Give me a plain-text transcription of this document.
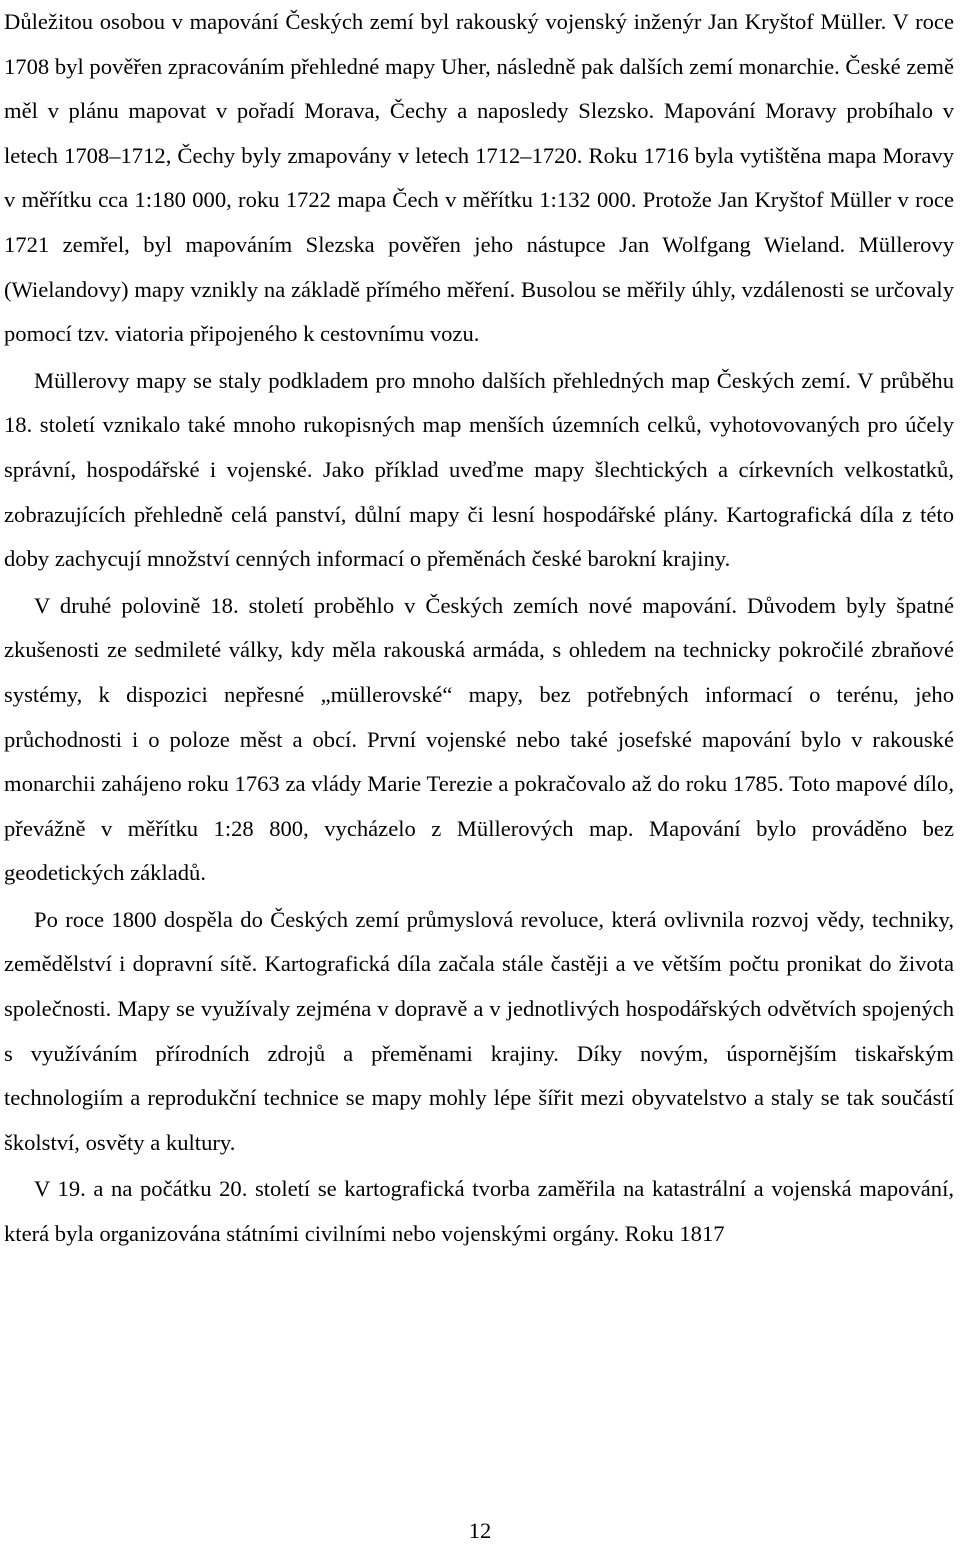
Důležitou osobou v mapování Českých zemí byl rakouský vojenský inženýr Jan Kryštof Müller. V roce 1708 byl pověřen zpracováním přehledné mapy Uher, následně pak dalších zemí monarchie. České země měl v plánu mapovat v pořadí Morava, Čechy a naposledy Slezsko. Mapování Moravy probíhalo v letech 1708–1712, Čechy byly zmapovány v letech 1712–1720. Roku 1716 byla vytištěna mapa Moravy v měřítku cca 1:180 000, roku 1722 mapa Čech v měřítku 1:132 000. Protože Jan Kryštof Müller v roce 1721 zemřel, byl mapováním Slezska pověřen jeho nástupce Jan Wolfgang Wieland. Müllerovy (Wielandovy) mapy vznikly na základě přímého měření. Busolou se měřily úhly, vzdálenosti se určovaly pomocí tzv. viatoria připojeného k cestovnímu vozu.

Müllerovy mapy se staly podkladem pro mnoho dalších přehledných map Českých zemí. V průběhu 18. století vznikalo také mnoho rukopisných map menších územních celků, vyhotovovaných pro účely správní, hospodářské i vojenské. Jako příklad uveďme mapy šlechtických a církevních velkostatků, zobrazujících přehledně celá panství, důlní mapy či lesní hospodářské plány. Kartografická díla z této doby zachycují množství cenných informací o přeměnách české barokní krajiny.

V druhé polovině 18. století proběhlo v Českých zemích nové mapování. Důvodem byly špatné zkušenosti ze sedmileté války, kdy měla rakouská armáda, s ohledem na technicky pokročilé zbraňové systémy, k dispozici nepřesné „müllerovské“ mapy, bez potřebných informací o terénu, jeho průchodnosti i o poloze měst a obcí. První vojenské nebo také josefské mapování bylo v rakouské monarchii zahájeno roku 1763 za vlády Marie Terezie a pokračovalo až do roku 1785. Toto mapové dílo, převážně v měřítku 1:28 800, vycházelo z Müllerových map. Mapování bylo prováděno bez geodetických základů.

Po roce 1800 dospěla do Českých zemí průmyslová revoluce, která ovlivnila rozvoj vědy, techniky, zemědělství i dopravní sítě. Kartografická díla začala stále častěji a ve větším počtu pronikat do života společnosti. Mapy se využívaly zejména v dopravě a v jednotlivých hospodářských odvětvích spojených s využíváním přírodních zdrojů a přeměnami krajiny. Díky novým, úspornějším tiskařským technologiím a reprodukční technice se mapy mohly lépe šířit mezi obyvatelstvo a staly se tak součástí školství, osvěty a kultury.

V 19. a na počátku 20. století se kartografická tvorba zaměřila na katastrální a vojenská mapování, která byla organizována státními civilními nebo vojenskými orgány. Roku 1817

12
